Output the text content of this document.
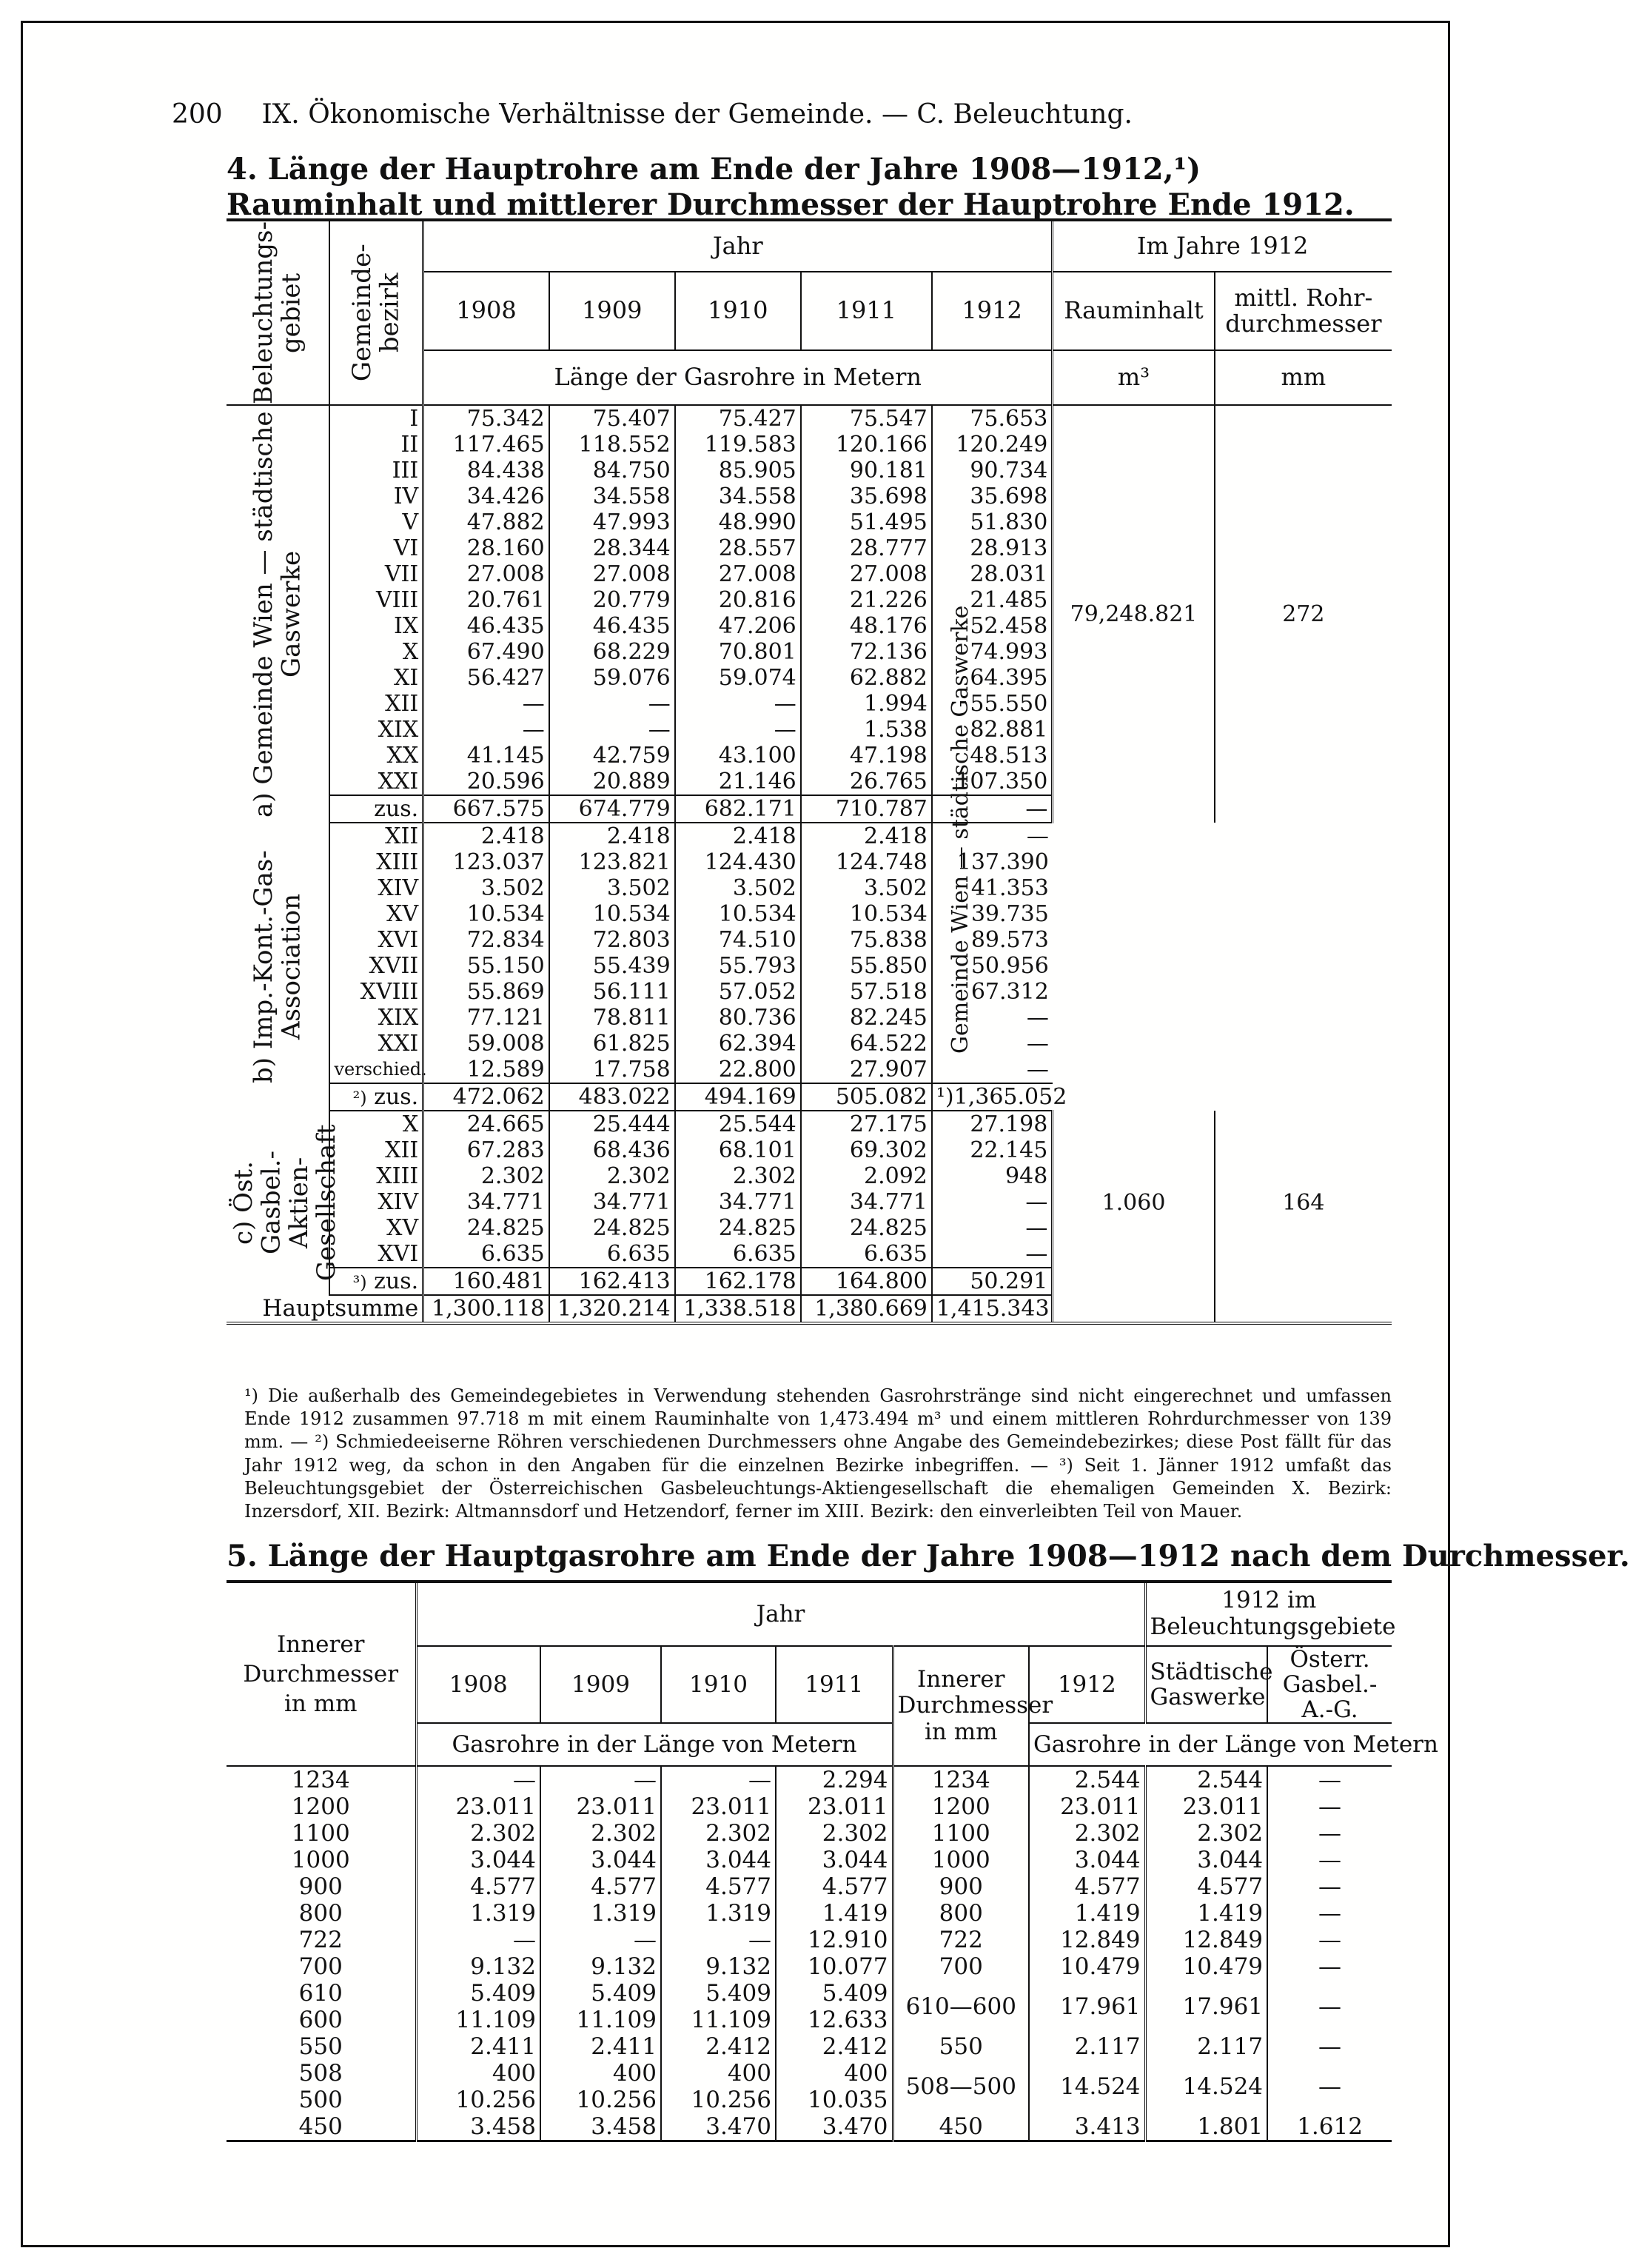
200 IX. Ökonomische Verhältnisse der Gemeinde. — C. Beleuchtung.
4. Länge der Hauptrohre am Ende der Jahre 1908—1912,¹) Rauminhalt und mittlerer Durchmesser der Hauptrohre Ende 1912.
Beleuchtungs-gebiet	Gemeinde-bezirk	Jahr					Im Jahre 1912	
		1908	1909	1910	1911	1912	Rauminhalt	mittl. Rohr-durchmesser
		Länge der Gasrohre in Metern					m³	mm

a) Gemeinde Wien — städtische Gaswerke	I	75.342	75.407	75.427	75.547	75.653	79,248.821	272
	II	117.465	118.552	119.583	120.166	120.249		
	III	84.438	84.750	85.905	90.181	90.734		
	IV	34.426	34.558	34.558	35.698	35.698		
	V	47.882	47.993	48.990	51.495	51.830		
	VI	28.160	28.344	28.557	28.777	28.913		
	VII	27.008	27.008	27.008	27.008	28.031		
	VIII	20.761	20.779	20.816	21.226	21.485		
	IX	46.435	46.435	47.206	48.176	52.458		
	X	67.490	68.229	70.801	72.136	74.993		
	XI	56.427	59.076	59.074	62.882	64.395		
	XII	—	—	—	1.994	55.550		
	XIX	—	—	—	1.538	82.881		
	XX	41.145	42.759	43.100	47.198	48.513		
	XXI	20.596	20.889	21.146	26.765	107.350		
	zus.	667.575	674.779	682.171	710.787	—		

b) Imp.-Kont.-Gas-Association	XII	2.418	2.418	2.418	2.418	—		
	XIII	123.037	123.821	124.430	124.748	137.390		
	XIV	3.502	3.502	3.502	3.502	41.353		
	XV	10.534	10.534	10.534	10.534	39.735		
	XVI	72.834	72.803	74.510	75.838	89.573		
	XVII	55.150	55.439	55.793	55.850	50.956		
	XVIII	55.869	56.111	57.052	57.518	67.312		
	XIX	77.121	78.811	80.736	82.245	—		
	XXI	59.008	61.825	62.394	64.522	—		
	verschied.	12.589	17.758	22.800	27.907	—		
	²) zus.	472.062	483.022	494.169	505.082	¹)1,365.052		

c) Öst. Gasbel.-Aktien-Gesellschaft	X	24.665	25.444	25.544	27.175	27.198	1.060	164
	XII	67.283	68.436	68.101	69.302	22.145		
	XIII	2.302	2.302	2.302	2.092	948		
	XIV	34.771	34.771	34.771	34.771	—		
	XV	24.825	24.825	24.825	24.825	—		
	XVI	6.635	6.635	6.635	6.635	—		
	³) zus.	160.481	162.413	162.178	164.800	50.291		
Hauptsumme		1,300.118	1,320.214	1,338.518	1,380.669	1,415.343		

¹) Die außerhalb des Gemeindegebietes in Verwendung stehenden Gasrohrstränge sind nicht eingerechnet und umfassen Ende 1912 zusammen 97.718 m mit einem Rauminhalte von 1,473.494 m³ und einem mittleren Rohrdurchmesser von 139 mm. — ²) Schmiedeeiserne Röhren verschiedenen Durchmessers ohne Angabe des Gemeindebezirkes; diese Post fällt für das Jahr 1912 weg, da schon in den Angaben für die einzelnen Bezirke inbegriffen. — ³) Seit 1. Jänner 1912 umfaßt das Beleuchtungsgebiet der Österreichischen Gasbeleuchtungs-Aktiengesellschaft die ehemaligen Gemeinden X. Bezirk: Inzersdorf, XII. Bezirk: Altmannsdorf und Hetzendorf, ferner im XIII. Bezirk: den einverleibten Teil von Mauer.

5. Länge der Hauptgasrohre am Ende der Jahre 1908—1912 nach dem Durchmesser.
Innerer Durchmesser in mm	Jahr						1912 im Beleuchtungsgebiete	
	1908	1909	1910	1911	Innerer Durchmesser in mm	1912	Städtische Gaswerke	Österr. Gasbel.-A.-G.
	Gasrohre in der Länge von Metern					Gasrohre in der Länge von Metern		
1234	—	—	—	2.294	1234	2.544	2.544	—
1200	23.011	23.011	23.011	23.011	1200	23.011	23.011	—
1100	2.302	2.302	2.302	2.302	1100	2.302	2.302	—
1000	3.044	3.044	3.044	3.044	1000	3.044	3.044	—
900	4.577	4.577	4.577	4.577	900	4.577	4.577	—
800	1.319	1.319	1.319	1.419	800	1.419	1.419	—
722	—	—	—	12.910	722	12.849	12.849	—
700	9.132	9.132	9.132	10.077	700	10.479	10.479	—
610	5.409	5.409	5.409	5.409	610—600	17.961	17.961	—
600	11.109	11.109	11.109	12.633				
550	2.411	2.411	2.412	2.412	550	2.117	2.117	—
508	400	400	400	400	508—500	14.524	14.524	—
500	10.256	10.256	10.256	10.035				
450	3.458	3.458	3.470	3.470	450	3.413	1.801	1.612
Gemeinde Wien — städtische Gaswerke
